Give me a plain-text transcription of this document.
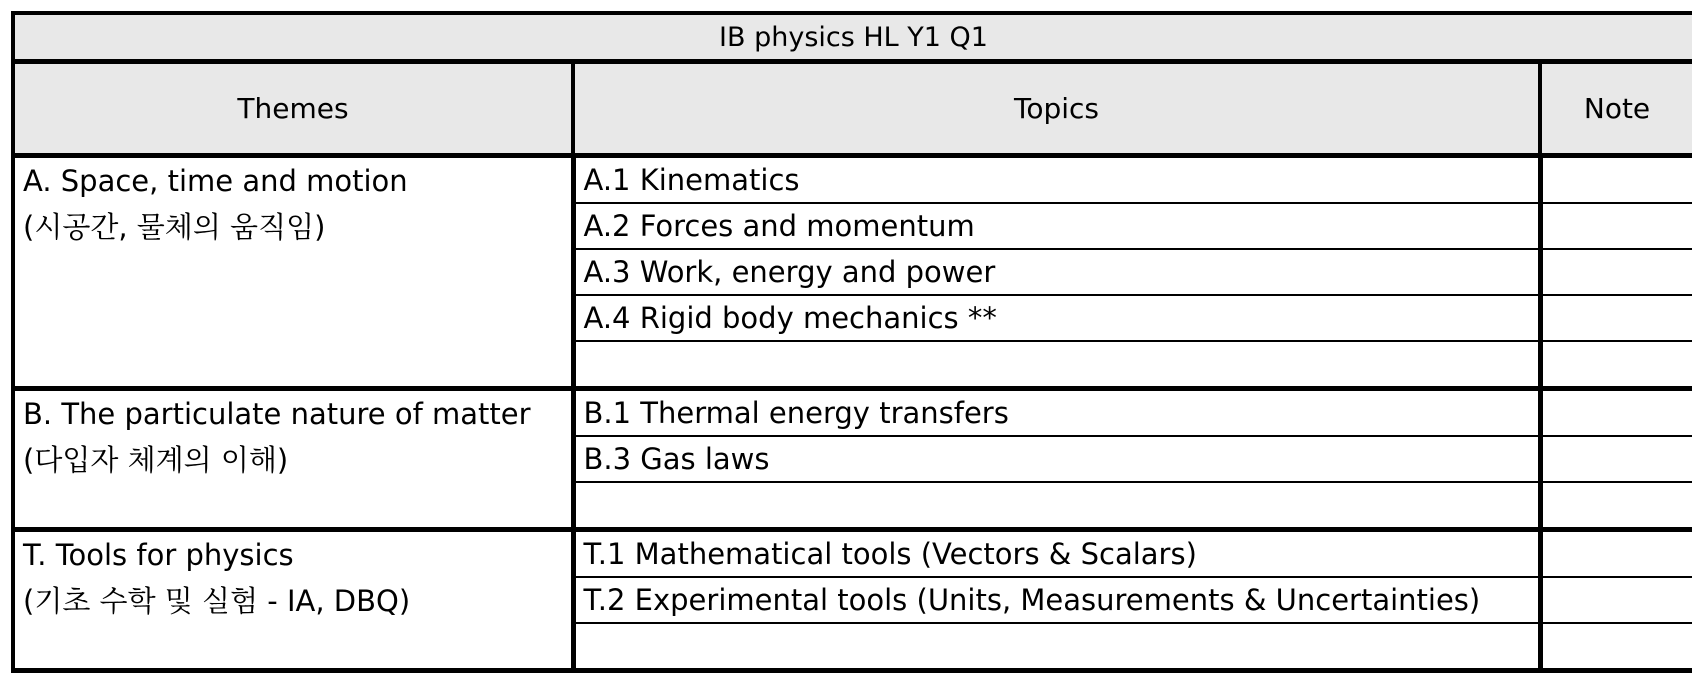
IB physics HL Y1 Q1		
Themes	Topics	Note

A. Space, time and motion
(시공간, 물체의 움직임)	A.1 Kinematics	
	A.2 Forces and momentum	
	A.3 Work, energy and power	
	A.4 Rigid body mechanics **	

B. The particulate nature of matter
(다입자 체계의 이해)	B.1 Thermal energy transfers	
	B.3 Gas laws	

T. Tools for physics
(기초 수학 및 실험 - IA, DBQ)	T.1 Mathematical tools (Vectors & Scalars)	
	T.2 Experimental tools (Units, Measurements & Uncertainties)	
